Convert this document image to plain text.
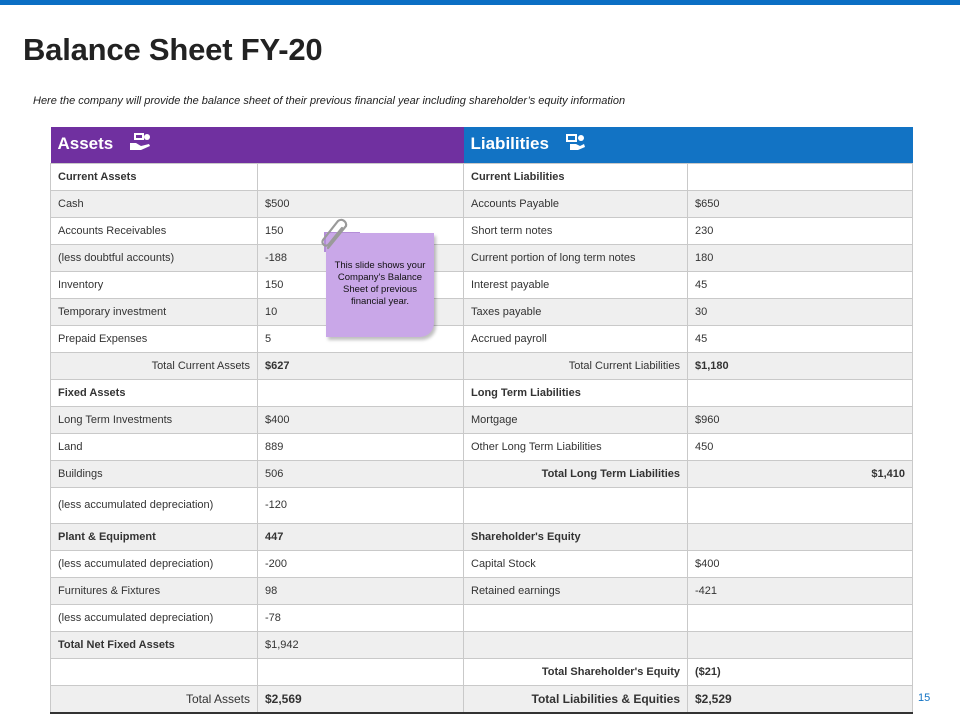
Balance Sheet FY-20

Here the company will provide the balance sheet of their previous financial year including shareholder’s equity information

Assets		Liabilities	
Current Assets		Current Liabilities	
Cash	$500	Accounts Payable	$650
Accounts Receivables	150	Short term notes	230
(less doubtful accounts)	-188	Current portion of long term notes	180
Inventory	150	Interest payable	45
Temporary investment	10	Taxes payable	30
Prepaid Expenses	5	Accrued payroll	45
Total Current Assets	$627	Total Current Liabilities	$1,180
Fixed Assets		Long Term Liabilities	
Long Term Investments	$400	Mortgage	$960
Land	889	Other Long Term Liabilities	450
Buildings	506	Total Long Term Liabilities	$1,410
(less accumulated depreciation)	-120		
Plant & Equipment	447	Shareholder's Equity	
(less accumulated depreciation)	-200	Capital Stock	$400
Furnitures & Fixtures	98	Retained earnings	-421
(less accumulated depreciation)	-78		
Total Net Fixed Assets	$1,942		
		Total Shareholder's Equity	($21)
Total Assets	$2,569	Total Liabilities & Equities	$2,529
This slide shows your Company's Balance Sheet of previous financial year.
15
